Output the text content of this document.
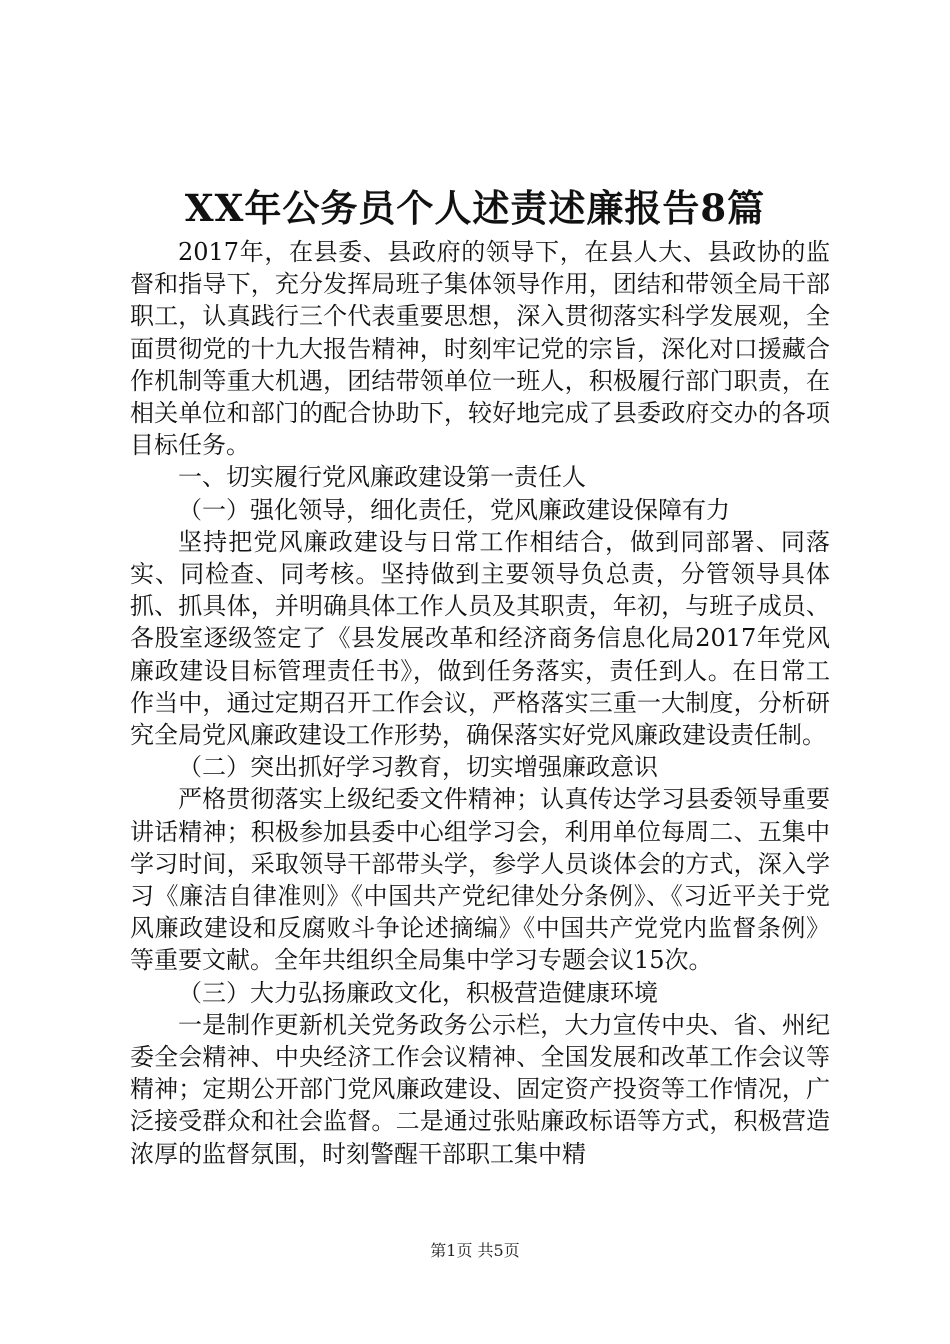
XX年公务员个人述责述廉报告8篇

2017年，在县委、县政府的领导下，在县人大、县政协的监督和指导下，充分发挥局班子集体领导作用，团结和带领全局干部职工，认真践行三个代表重要思想，深入贯彻落实科学发展观，全面贯彻党的十九大报告精神，时刻牢记党的宗旨，深化对口援藏合作机制等重大机遇，团结带领单位一班人，积极履行部门职责，在相关单位和部门的配合协助下，较好地完成了县委政府交办的各项目标任务。

一、切实履行党风廉政建设第一责任人

（一）强化领导，细化责任，党风廉政建设保障有力

坚持把党风廉政建设与日常工作相结合，做到同部署、同落实、同检查、同考核。坚持做到主要领导负总责，分管领导具体抓、抓具体，并明确具体工作人员及其职责，年初，与班子成员、各股室逐级签定了《县发展改革和经济商务信息化局2017年党风廉政建设目标管理责任书》，做到任务落实，责任到人。在日常工作当中，通过定期召开工作会议，严格落实三重一大制度，分析研究全局党风廉政建设工作形势，确保落实好党风廉政建设责任制。

（二）突出抓好学习教育，切实增强廉政意识

严格贯彻落实上级纪委文件精神；认真传达学习县委领导重要讲话精神；积极参加县委中心组学习会，利用单位每周二、五集中学习时间，采取领导干部带头学，参学人员谈体会的方式，深入学习《廉洁自律准则》《中国共产党纪律处分条例》、《习近平关于党风廉政建设和反腐败斗争论述摘编》《中国共产党党内监督条例》等重要文献。全年共组织全局集中学习专题会议15次。

（三）大力弘扬廉政文化，积极营造健康环境

一是制作更新机关党务政务公示栏，大力宣传中央、省、州纪委全会精神、中央经济工作会议精神、全国发展和改革工作会议等精神；定期公开部门党风廉政建设、固定资产投资等工作情况，广泛接受群众和社会监督。二是通过张贴廉政标语等方式，积极营造浓厚的监督氛围，时刻警醒干部职工集中精

第1页 共5页
